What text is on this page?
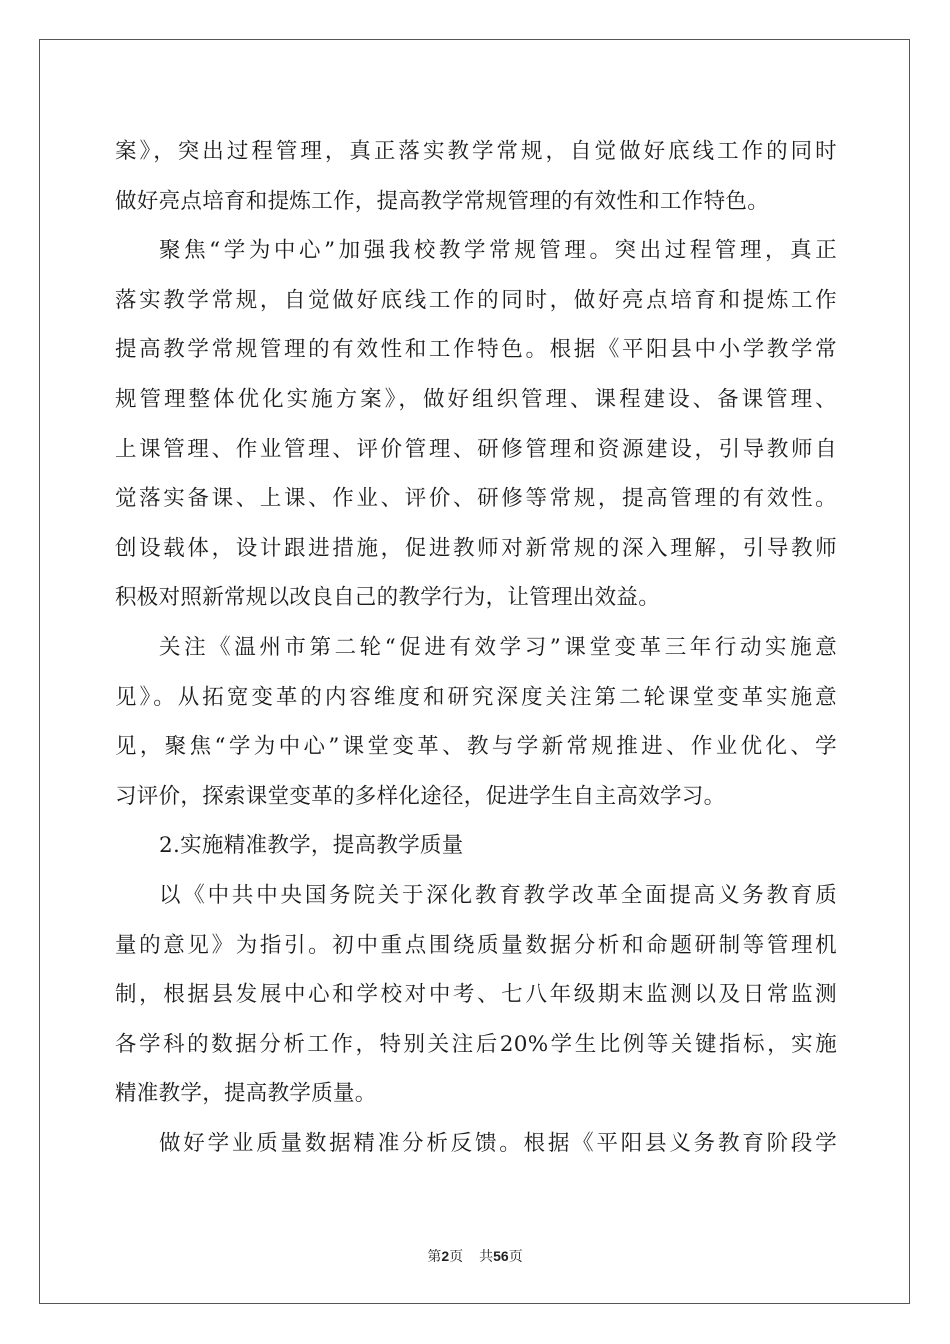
案》，突出过程管理，真正落实教学常规，自觉做好底线工作的同时
做好亮点培育和提炼工作，提高教学常规管理的有效性和工作特色。
聚焦“学为中心”加强我校教学常规管理。突出过程管理，真正
落实教学常规，自觉做好底线工作的同时，做好亮点培育和提炼工作
提高教学常规管理的有效性和工作特色。根据《平阳县中小学教学常
规管理整体优化实施方案》，做好组织管理、课程建设、备课管理、
上课管理、作业管理、评价管理、研修管理和资源建设，引导教师自
觉落实备课、上课、作业、评价、研修等常规，提高管理的有效性。
创设载体，设计跟进措施，促进教师对新常规的深入理解，引导教师
积极对照新常规以改良自己的教学行为，让管理出效益。
关注《温州市第二轮“促进有效学习”课堂变革三年行动实施意
见》。从拓宽变革的内容维度和研究深度关注第二轮课堂变革实施意
见，聚焦“学为中心”课堂变革、教与学新常规推进、作业优化、学
习评价，探索课堂变革的多样化途径，促进学生自主高效学习。
2.实施精准教学，提高教学质量
以《中共中央国务院关于深化教育教学改革全面提高义务教育质
量的意见》为指引。初中重点围绕质量数据分析和命题研制等管理机
制，根据县发展中心和学校对中考、七八年级期末监测以及日常监测
各学科的数据分析工作，特别关注后20%学生比例等关键指标，实施
精准教学，提高教学质量。
做好学业质量数据精准分析反馈。根据《平阳县义务教育阶段学
第2页 共56页
